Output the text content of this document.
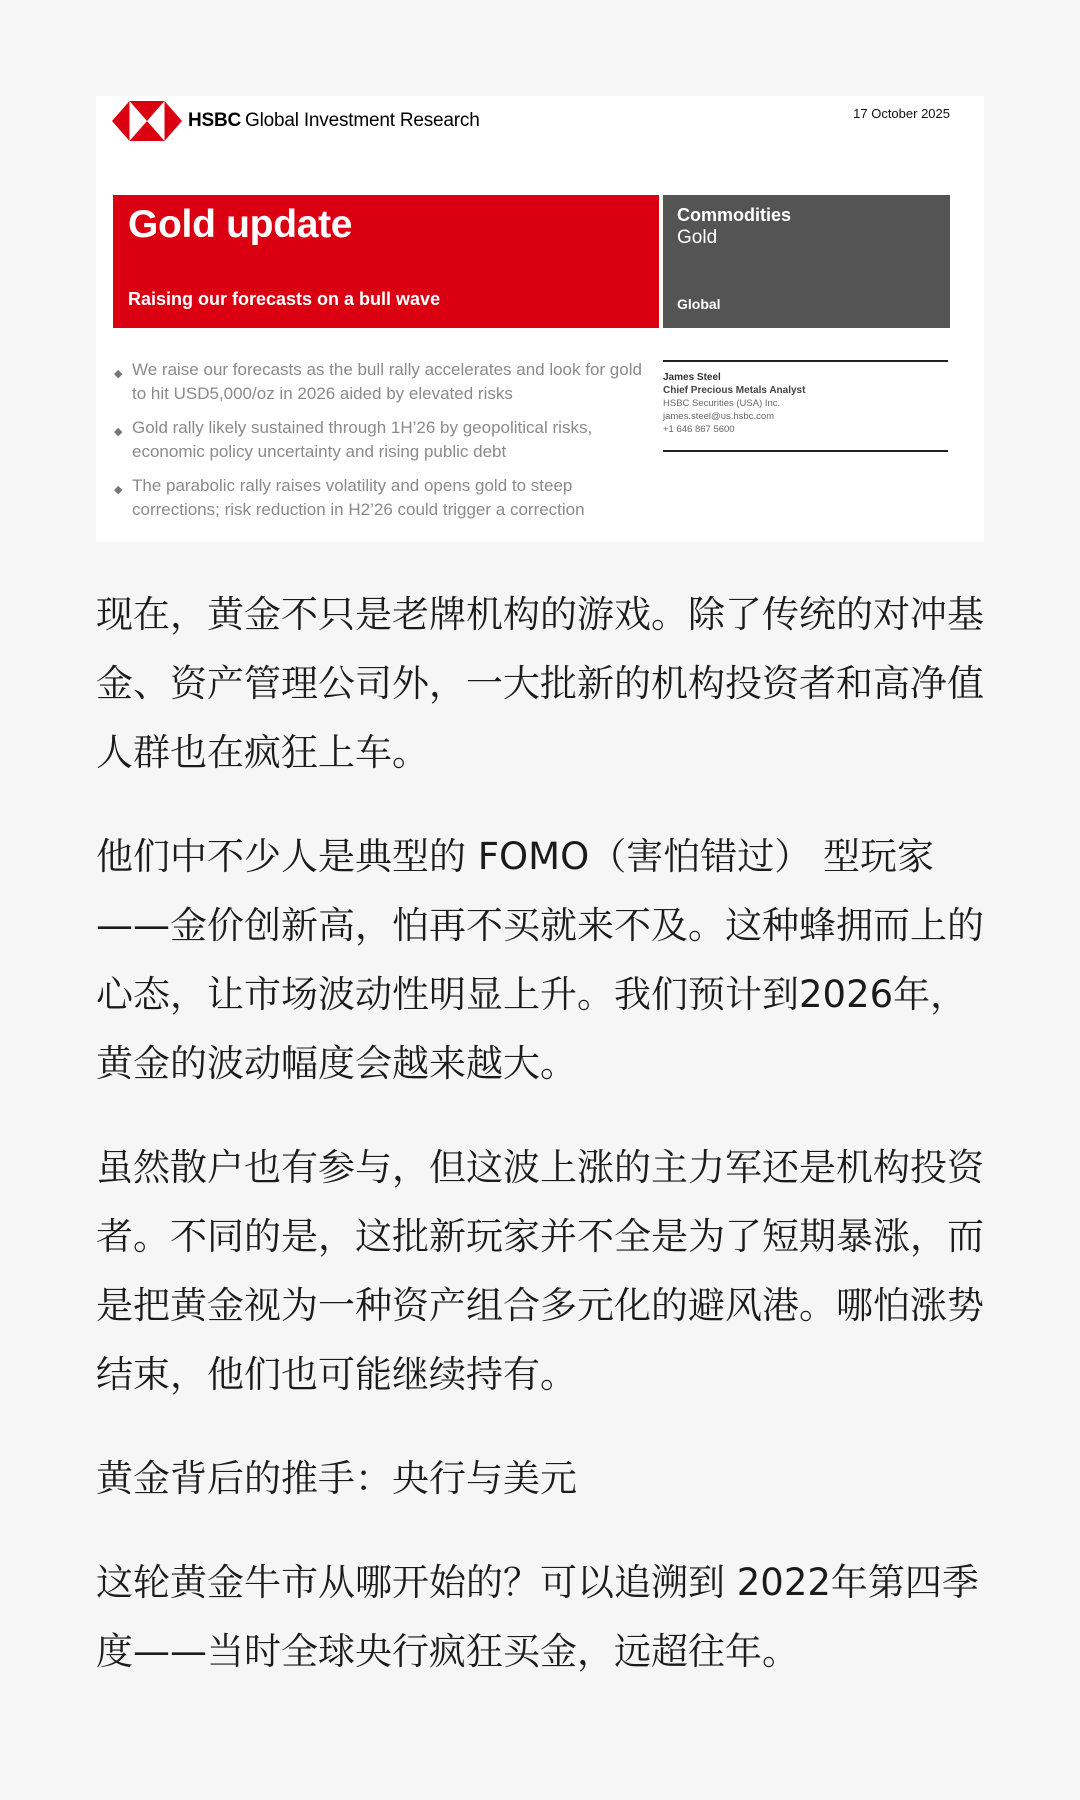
HSBC Global Investment Research	17 October 2025
Gold update
Raising our forecasts on a bull wave
Commodities
Gold
Global
◆ We raise our forecasts as the bull rally accelerates and look for gold to hit USD5,000/oz in 2026 aided by elevated risks
◆ Gold rally likely sustained through 1H’26 by geopolitical risks, economic policy uncertainty and rising public debt
◆ The parabolic rally raises volatility and opens gold to steep corrections; risk reduction in H2’26 could trigger a correction
James Steel
Chief Precious Metals Analyst
HSBC Securities (USA) Inc.
james.steel@us.hsbc.com
+1 646 867 5600

现在，黄金不只是老牌机构的游戏。除了传统的对冲基金、资产管理公司外，一大批新的机构投资者和高净值人群也在疯狂上车。

他们中不少人是典型的 FOMO（害怕错过） 型玩家——金价创新高，怕再不买就来不及。这种蜂拥而上的心态，让市场波动性明显上升。我们预计到2026年，黄金的波动幅度会越来越大。

虽然散户也有参与，但这波上涨的主力军还是机构投资者。不同的是，这批新玩家并不全是为了短期暴涨，而是把黄金视为一种资产组合多元化的避风港。哪怕涨势结束，他们也可能继续持有。

黄金背后的推手：央行与美元

这轮黄金牛市从哪开始的？可以追溯到 2022年第四季度——当时全球央行疯狂买金，远超往年。
